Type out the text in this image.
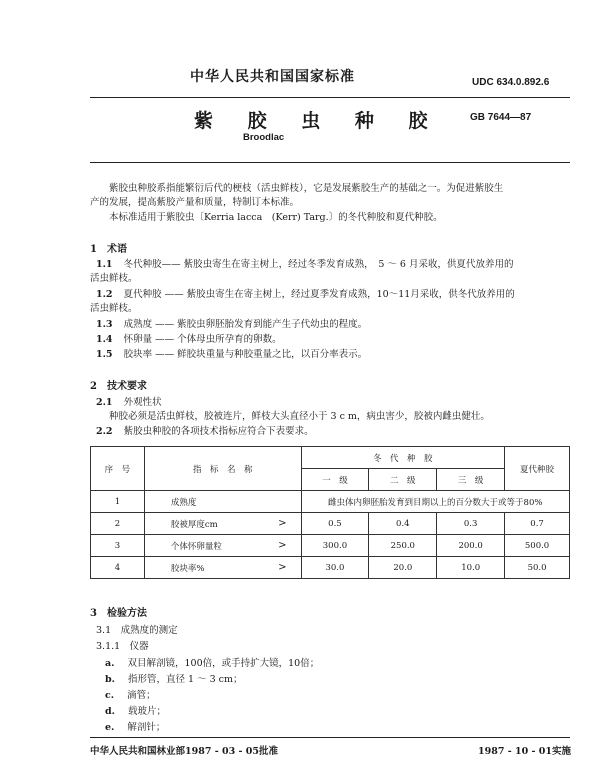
中华人民共和国国家标准	UDC 634.0.892.6
紫 胶 虫 种 胶	GB 7644—87
Broodlac
紫胶虫种胶系指能繁衍后代的梗枝（活虫鲜枝），它是发展紫胶生产的基础之一。为促进紫胶生
产的发展，提高紫胶产量和质量，特制订本标准。
本标准适用于紫胶虫〔Kerria lacca　(Kerr) Targ.〕的冬代种胶和夏代种胶。
1　术语
1.1 冬代种胶—— 紫胶虫寄生在寄主树上，经过冬季发育成熟，　5 ～ 6 月采收，供夏代放养用的
活虫鲜枝。
1.2 夏代种胶 —— 紫胶虫寄生在寄主树上，经过夏季发育成熟，10～11月采收，供冬代放养用的
活虫鲜枝。
1.3 成熟度 —— 紫胶虫卵胚胎发育到能产生子代幼虫的程度。
1.4 怀卵量 —— 个体母虫所孕育的卵数。
1.5 胶块率 —— 鲜胶块重量与种胶重量之比，以百分率表示。
2　技术要求
2.1 外观性状
种胶必须是活虫鲜枝，胶被连片，鲜枝大头直径小于 3 c m，病虫害少，胶被内雌虫健壮。
2.2 紫胶虫种胶的各项技术指标应符合下表要求。
序　号	指　标　名　称	冬　代　种　胶			夏代种胶
		一　级	二　级	三　级	
1	成熟度	雌虫体内卵胚胎发育到目期以上的百分数大于或等于80%			
2	胶被厚度cm >	0.5	0.4	0.3	0.7
3	个体怀卵量粒 >	300.0	250.0	200.0	500.0
4	胶块率% >	30.0	20.0	10.0	50.0
3　检验方法
3.1　成熟度的测定
3.1.1　仪器
a. 双目解剖镜，100倍，或手持扩大镜，10倍；
b. 指形管，直径 1 ～ 3 cm；
c. 滴管；
d. 载玻片；
e. 解剖针；
中华人民共和国林业部1987 - 03 - 05批准	1987 - 10 - 01实施
